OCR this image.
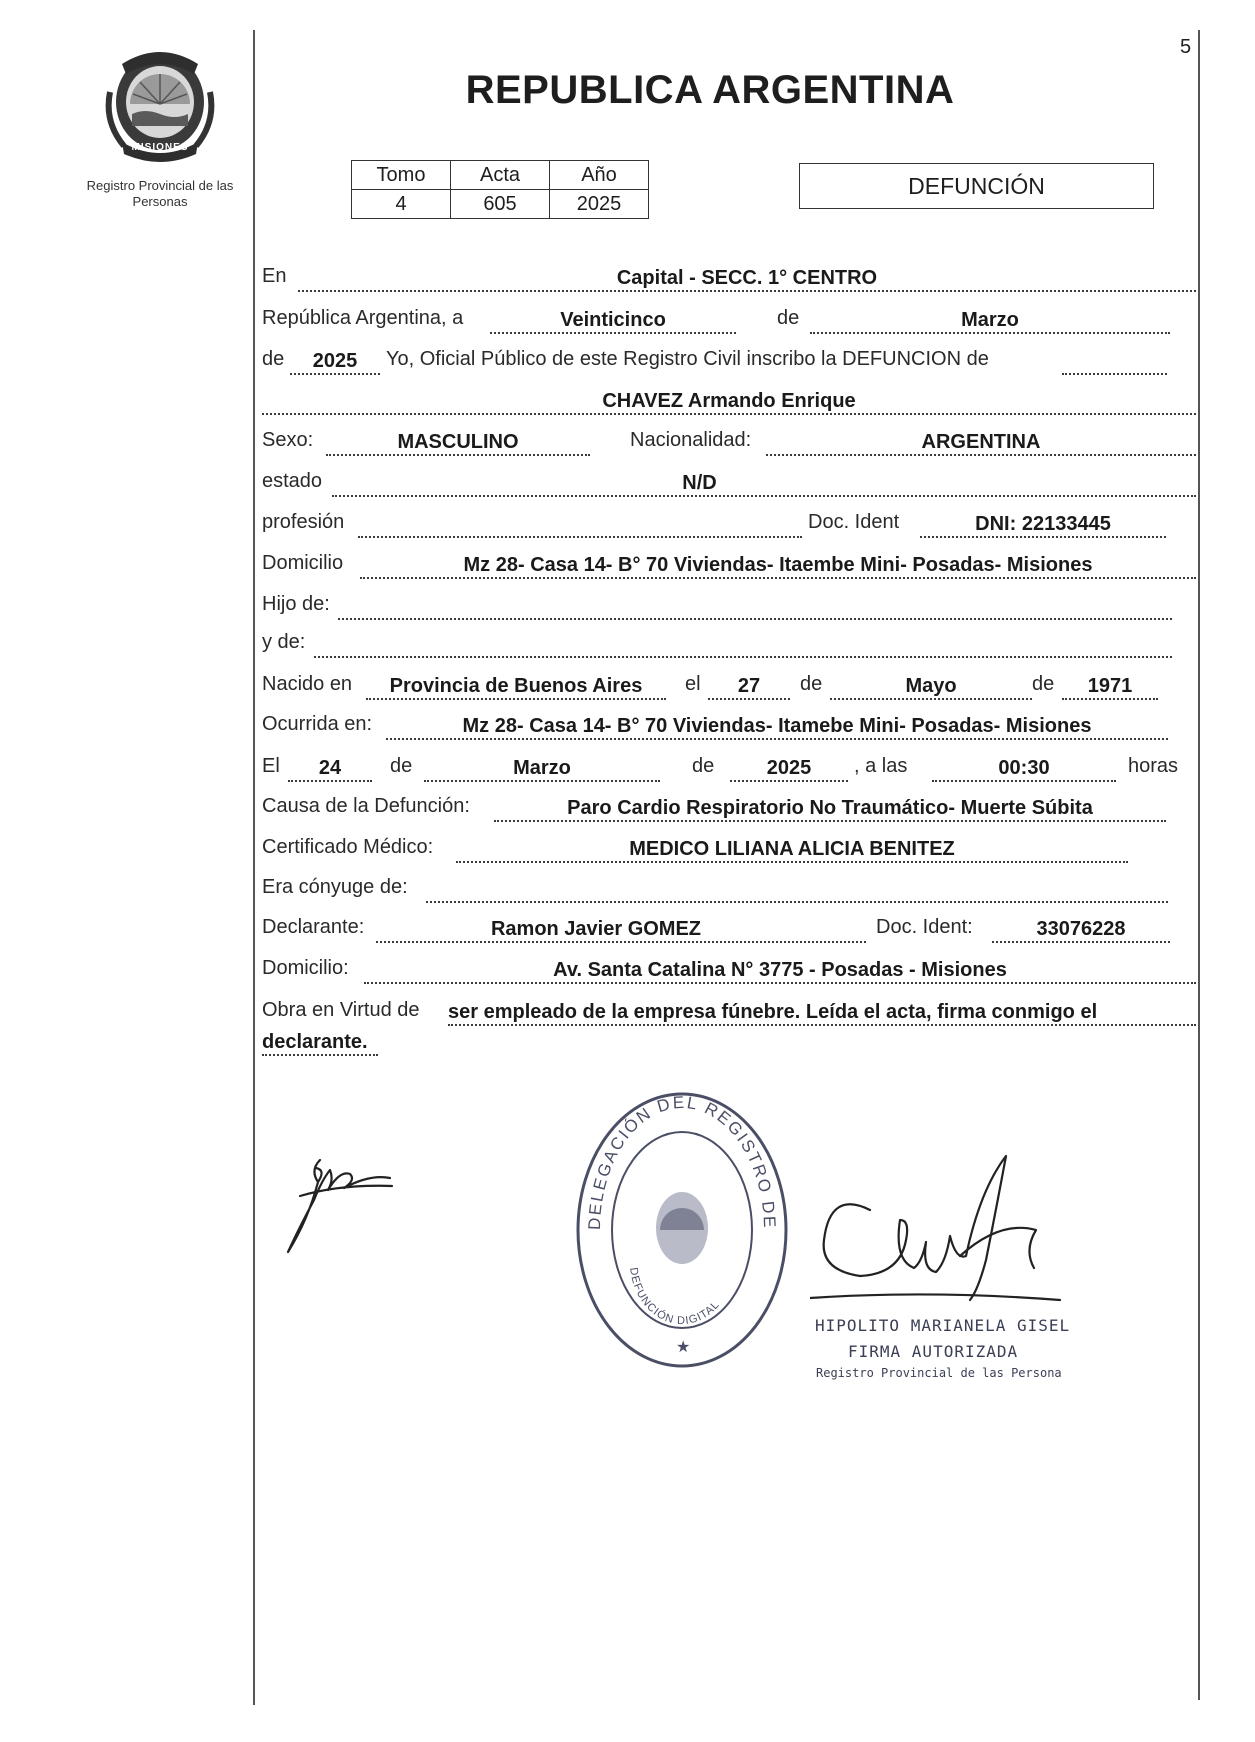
5
PROVINCIA
MISIONES
Registro Provincial de las Personas
REPUBLICA ARGENTINA
Tomo	Acta	Año
4	605	2025
DEFUNCIÓN
En	Capital - SECC. 1° CENTRO
República Argentina, a	Veinticinco	de	Marzo
de	2025	Yo, Oficial Público de este Registro Civil inscribo la DEFUNCION de
CHAVEZ Armando Enrique
Sexo:	MASCULINO	Nacionalidad:	ARGENTINA
estado	N/D
profesión	Doc. Ident	DNI: 22133445
Domicilio	Mz 28- Casa 14- B° 70 Viviendas- Itaembe Mini- Posadas- Misiones
Hijo de:
y de:
Nacido en	Provincia de Buenos Aires	el	27	de	Mayo	de	1971
Ocurrida en:	Mz 28- Casa 14- B° 70 Viviendas- Itamebe Mini- Posadas- Misiones
El	24	de	Marzo	de	2025	, a las	00:30	horas
Causa de la Defunción:	Paro Cardio Respiratorio No Traumático- Muerte Súbita
Certificado Médico:	MEDICO LILIANA ALICIA BENITEZ
Era cónyuge de:
Declarante:	Ramon Javier GOMEZ	Doc. Ident:	33076228
Domicilio:	Av. Santa Catalina N° 3775 - Posadas - Misiones
Obra en Virtud de ser empleado de la empresa fúnebre. Leída el acta, firma conmigo el
declarante.
DELEGACIÓN DEL REGISTRO DE
DEFUNCIÓN DIGITAL
★
HIPOLITO MARIANELA GISEL
FIRMA AUTORIZADA
Registro Provincial de las Persona
